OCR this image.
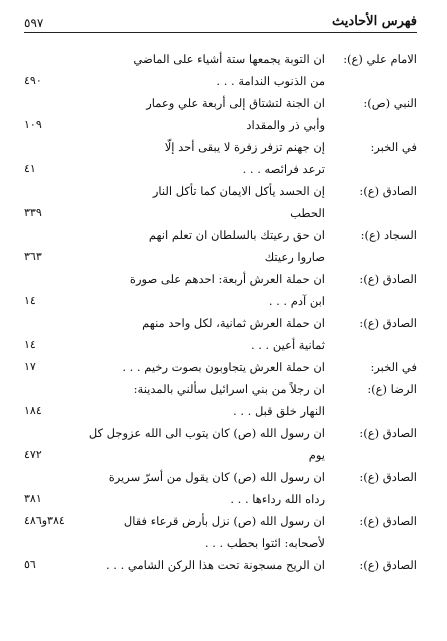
٥٩٧	فهرس الأحاديث
الامام علي (ع):
ان التوبة يجمعها ستة أشياء على الماضي
من الذنوب الندامة . . .
٤٩٠
النبي (ص):
ان الجنة لتشتاق إلى أربعة علي وعمار
وأبي ذر والمقداد
١٠٩
في الخبر:
إن جهنم تزفر زفرة لا يبقى أحد إلّا
ترعد فرائصه . . .
٤١
الصادق (ع):
إن الحسد يأكل الايمان كما تأكل النار
الحطب
٣٣٩
السجاد (ع):
ان حق رعيتك بالسلطان ان تعلم انهم
صاروا رعيتك
٣٦٣
الصادق (ع):
ان حملة العرش أربعة: احدهم على صورة
ابن آدم . . .
١٤
الصادق (ع):
ان حملة العرش ثمانية، لكل واحد منهم
ثمانية أعين . . .
١٤
في الخبر:
ان حملة العرش يتجاوبون بصوت رخيم . . .
١٧
الرضا (ع):
ان رجلاً من بني اسرائيل سألني بالمدينة:
النهار خلق قبل . . .
١٨٤
الصادق (ع):
ان رسول الله (ص) كان يتوب الى الله عزوجل كل
يوم
٤٧٢
الصادق (ع):
ان رسول الله (ص) كان يقول من أسرّ سريرة
رداه الله رداءها . . .
٣٨١
الصادق (ع):
ان رسول الله (ص) نزل بأرض قرعاء فقال
٣٨٤و٤٨٦
لأصحابه: ائتوا بحطب . . .
الصادق (ع):
ان الريح مسجونة تحت هذا الركن الشامي . . .
٥٦
